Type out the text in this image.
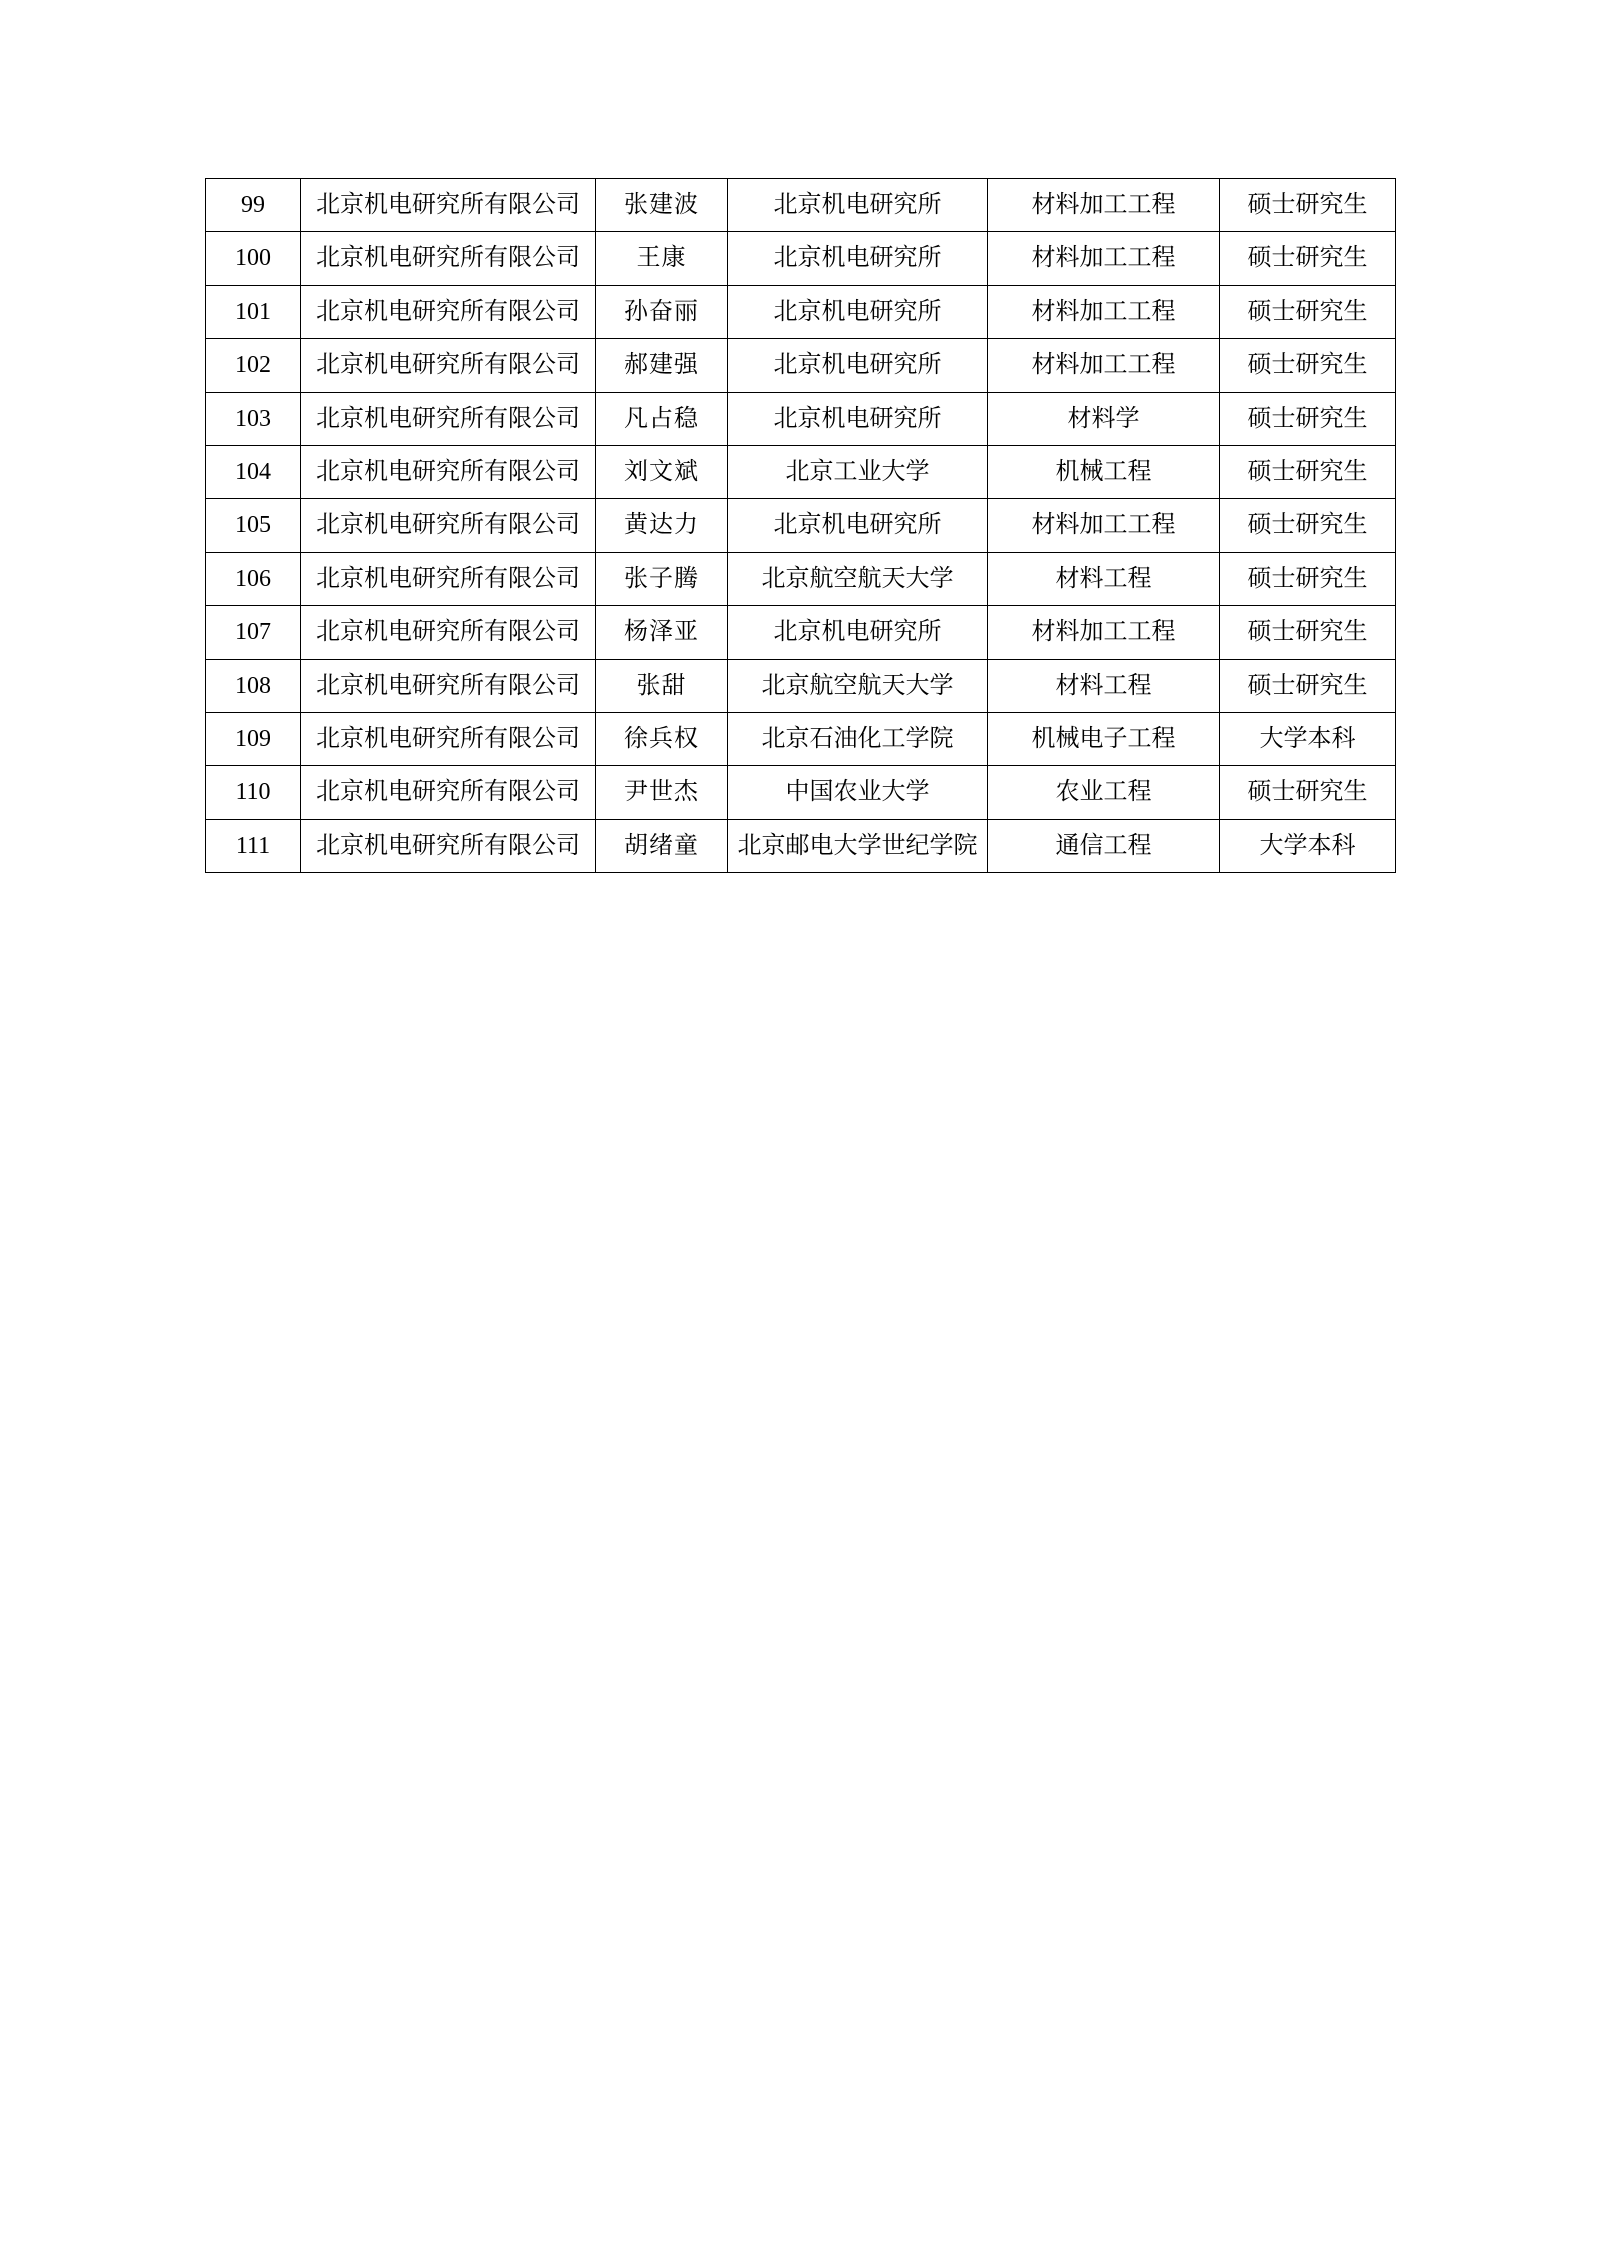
99	北京机电研究所有限公司	张建波	北京机电研究所	材料加工工程	硕士研究生
100	北京机电研究所有限公司	王康	北京机电研究所	材料加工工程	硕士研究生
101	北京机电研究所有限公司	孙奋丽	北京机电研究所	材料加工工程	硕士研究生
102	北京机电研究所有限公司	郝建强	北京机电研究所	材料加工工程	硕士研究生
103	北京机电研究所有限公司	凡占稳	北京机电研究所	材料学	硕士研究生
104	北京机电研究所有限公司	刘文斌	北京工业大学	机械工程	硕士研究生
105	北京机电研究所有限公司	黄达力	北京机电研究所	材料加工工程	硕士研究生
106	北京机电研究所有限公司	张子腾	北京航空航天大学	材料工程	硕士研究生
107	北京机电研究所有限公司	杨泽亚	北京机电研究所	材料加工工程	硕士研究生
108	北京机电研究所有限公司	张甜	北京航空航天大学	材料工程	硕士研究生
109	北京机电研究所有限公司	徐兵权	北京石油化工学院	机械电子工程	大学本科
110	北京机电研究所有限公司	尹世杰	中国农业大学	农业工程	硕士研究生
111	北京机电研究所有限公司	胡绪童	北京邮电大学世纪学院	通信工程	大学本科
